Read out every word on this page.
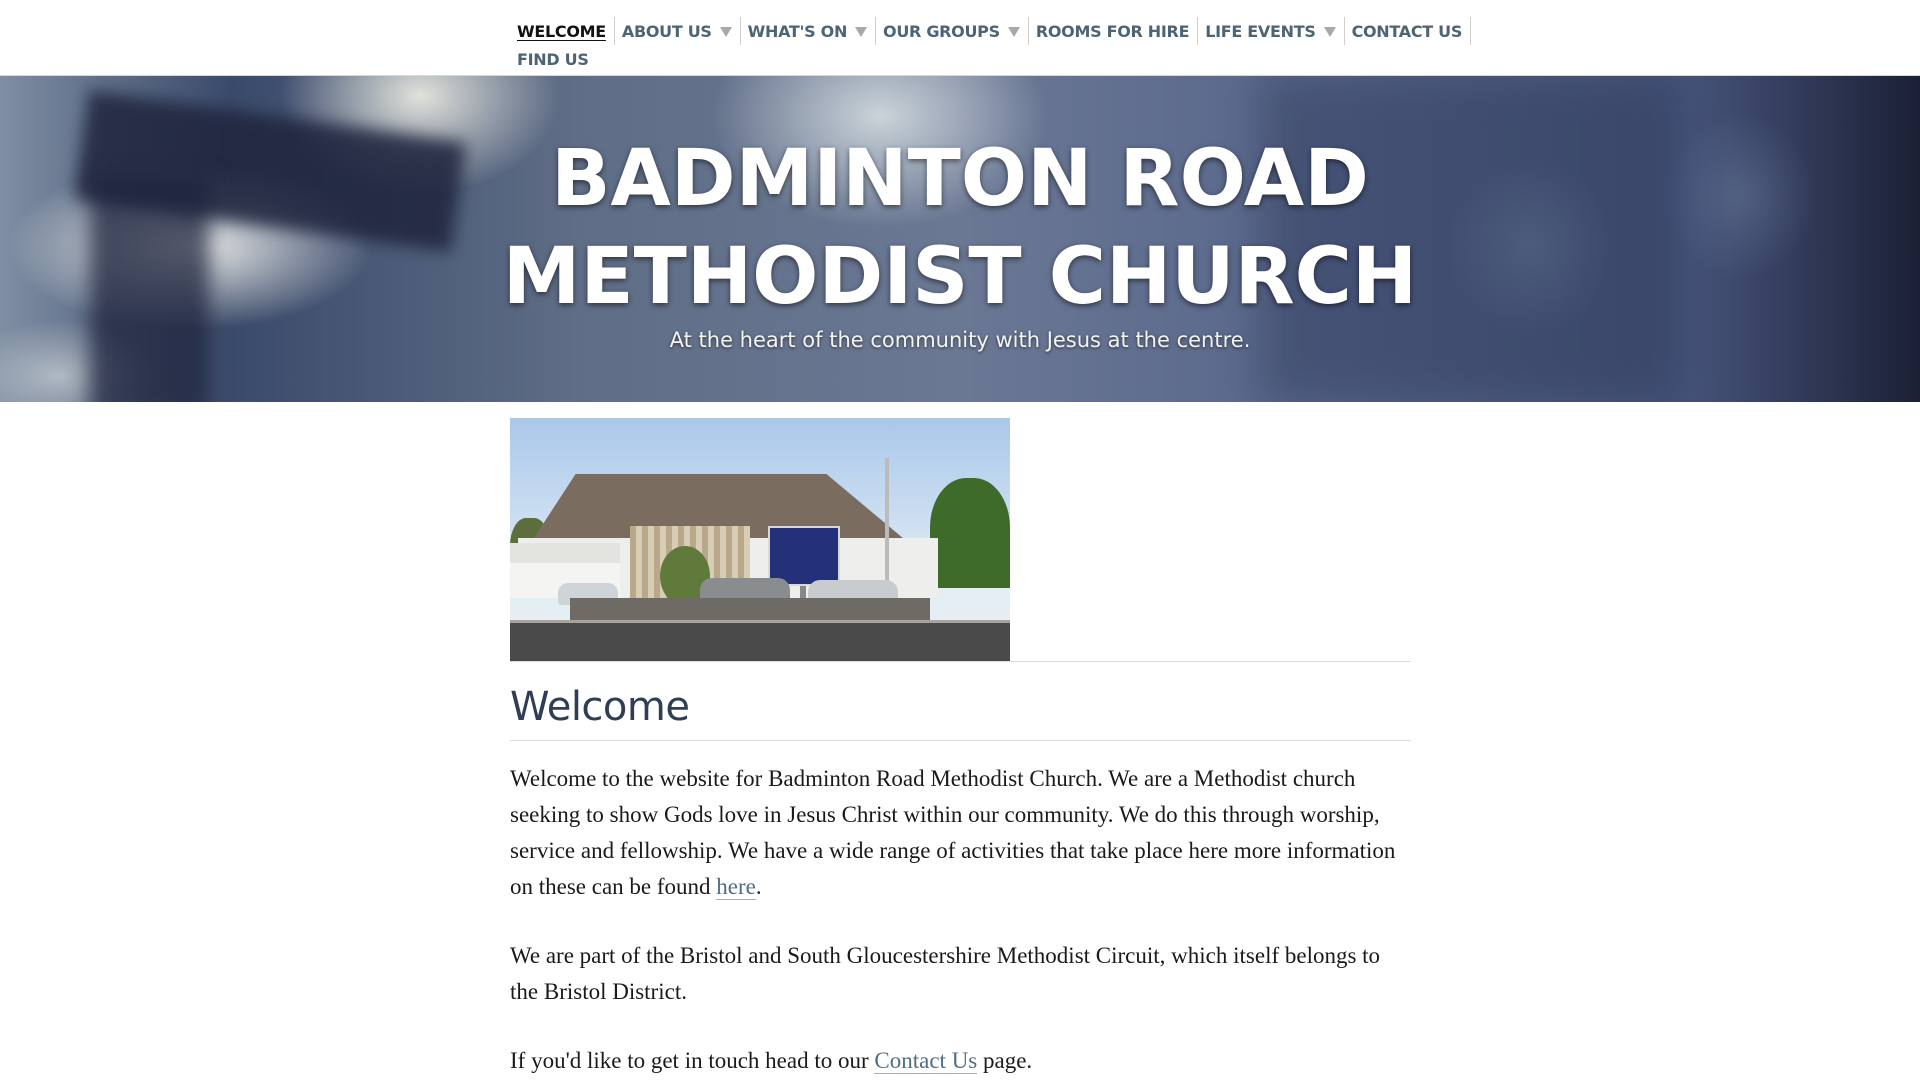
WELCOME ABOUT US WHAT'S ON OUR GROUPS ROOMS FOR HIRE LIFE EVENTS CONTACT US
FIND US
BADMINTON ROAD
METHODIST CHURCH
At the heart of the community with Jesus at the centre.
Welcome

Welcome to the website for Badminton Road Methodist Church. We are a Methodist church seeking to show Gods love in Jesus Christ within our community. We do this through worship, service and fellowship. We have a wide range of activities that take place here more information on these can be found here.

We are part of the Bristol and South Gloucestershire Methodist Circuit, which itself belongs to the Bristol District.

If you'd like to get in touch head to our Contact Us page.
